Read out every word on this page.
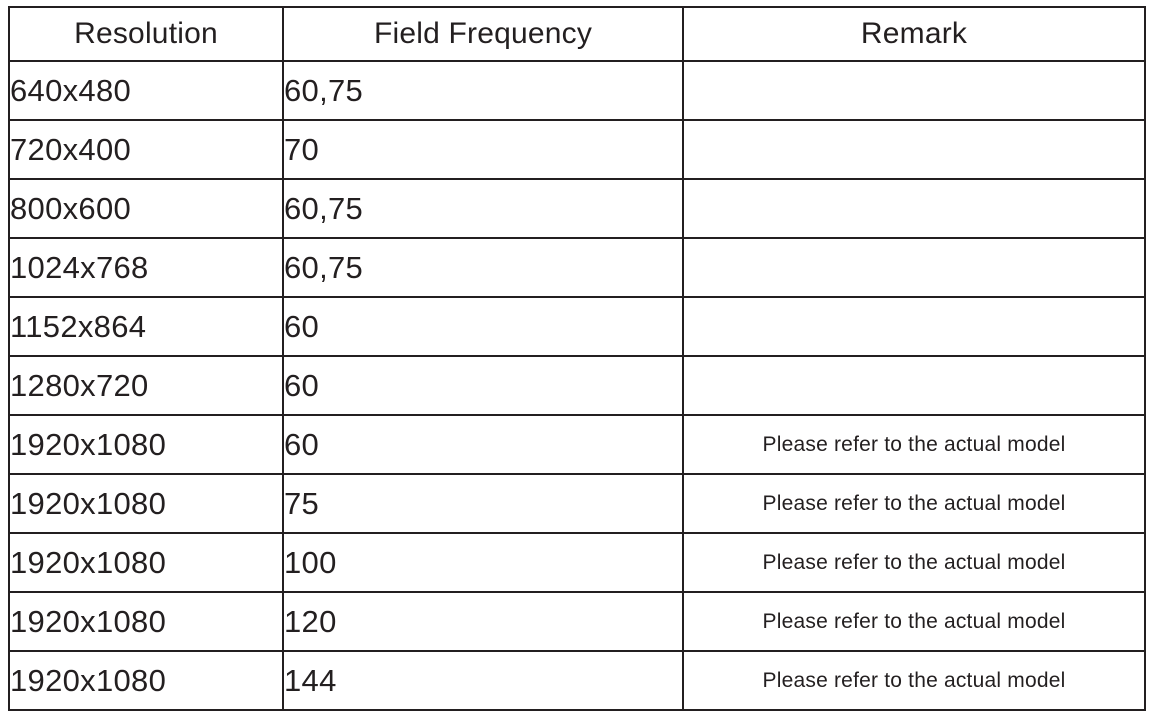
Resolution	Field Frequency	Remark
640x480	60,75	
720x400	70	
800x600	60,75	
1024x768	60,75	
1152x864	60	
1280x720	60	
1920x1080	60	Please refer to the actual model
1920x1080	75	Please refer to the actual model
1920x1080	100	Please refer to the actual model
1920x1080	120	Please refer to the actual model
1920x1080	144	Please refer to the actual model
